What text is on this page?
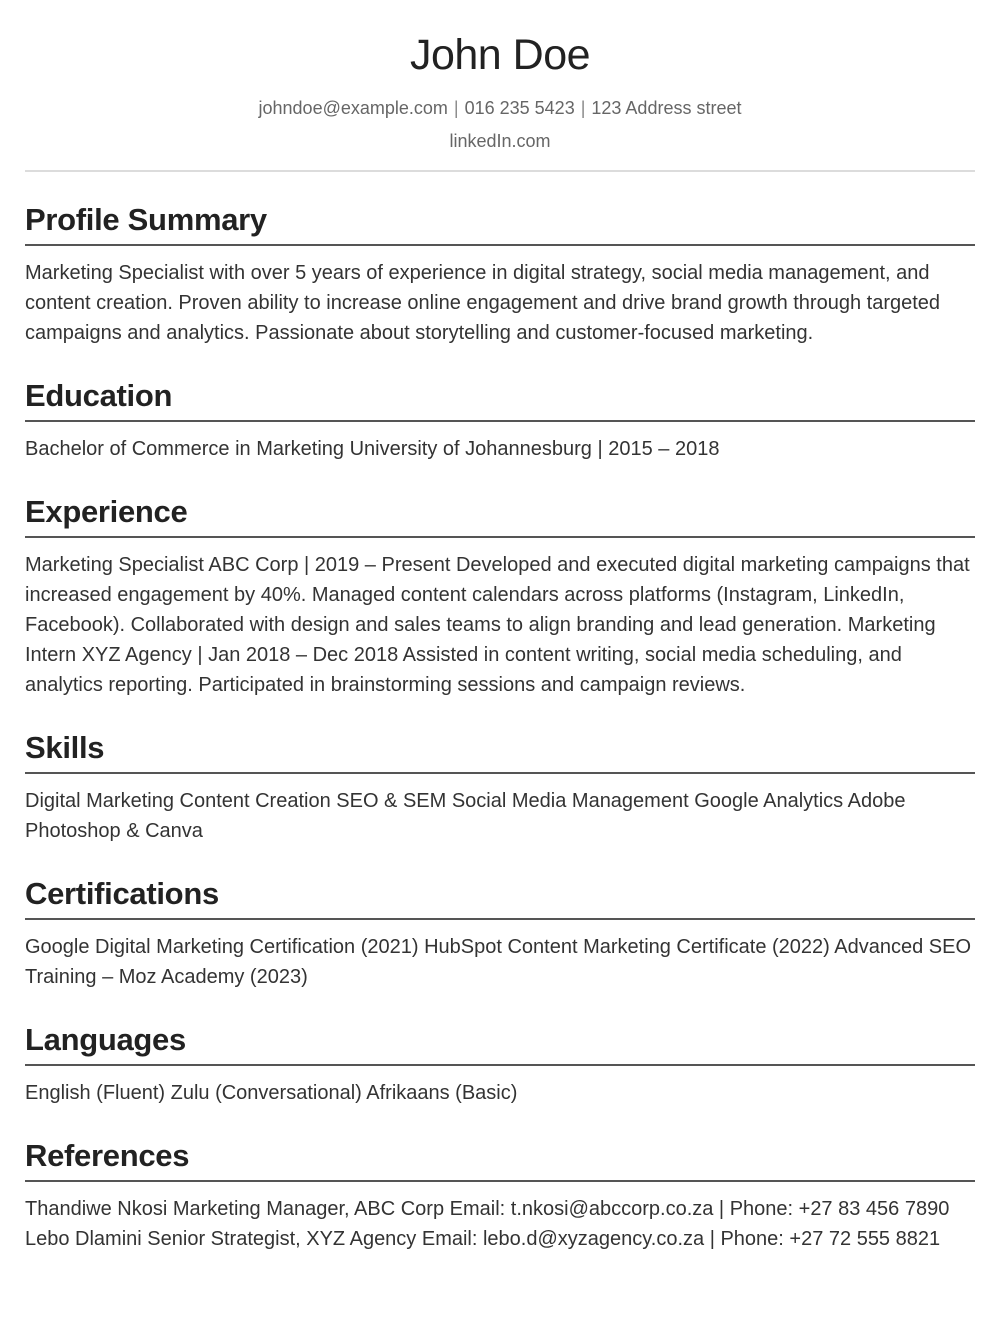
John Doe
johndoe@example.com | 016 235 5423 | 123 Address street
linkedIn.com
Profile Summary
Marketing Specialist with over 5 years of experience in digital strategy, social media management, and content creation. Proven ability to increase online engagement and drive brand growth through targeted campaigns and analytics. Passionate about storytelling and customer-focused marketing.
Education
Bachelor of Commerce in Marketing University of Johannesburg | 2015 – 2018
Experience
Marketing Specialist ABC Corp | 2019 – Present Developed and executed digital marketing campaigns that increased engagement by 40%. Managed content calendars across platforms (Instagram, LinkedIn, Facebook). Collaborated with design and sales teams to align branding and lead generation. Marketing Intern XYZ Agency | Jan 2018 – Dec 2018 Assisted in content writing, social media scheduling, and analytics reporting. Participated in brainstorming sessions and campaign reviews.
Skills
Digital Marketing Content Creation SEO & SEM Social Media Management Google Analytics Adobe Photoshop & Canva
Certifications
Google Digital Marketing Certification (2021) HubSpot Content Marketing Certificate (2022) Advanced SEO Training – Moz Academy (2023)
Languages
English (Fluent) Zulu (Conversational) Afrikaans (Basic)
References
Thandiwe Nkosi Marketing Manager, ABC Corp Email: t.nkosi@abccorp.co.za | Phone: +27 83 456 7890 Lebo Dlamini Senior Strategist, XYZ Agency Email: lebo.d@xyzagency.co.za | Phone: +27 72 555 8821
